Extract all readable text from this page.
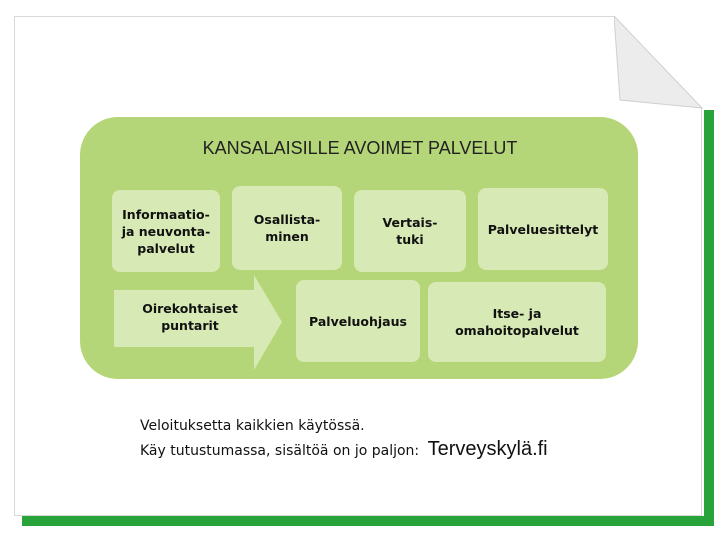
KANSALAISILLE AVOIMET PALVELUT
Informaatio-
ja neuvonta-
palvelut
Osallista-
minen
Vertais-
tuki
Palveluesittelyt
Oirekohtaiset
puntarit	Palveluohjaus	Itse- ja
omahoitopalvelut
Veloituksetta kaikkien käytössä.
Käy tutustumassa, sisältöä on jo paljon: Terveyskylä.fi
